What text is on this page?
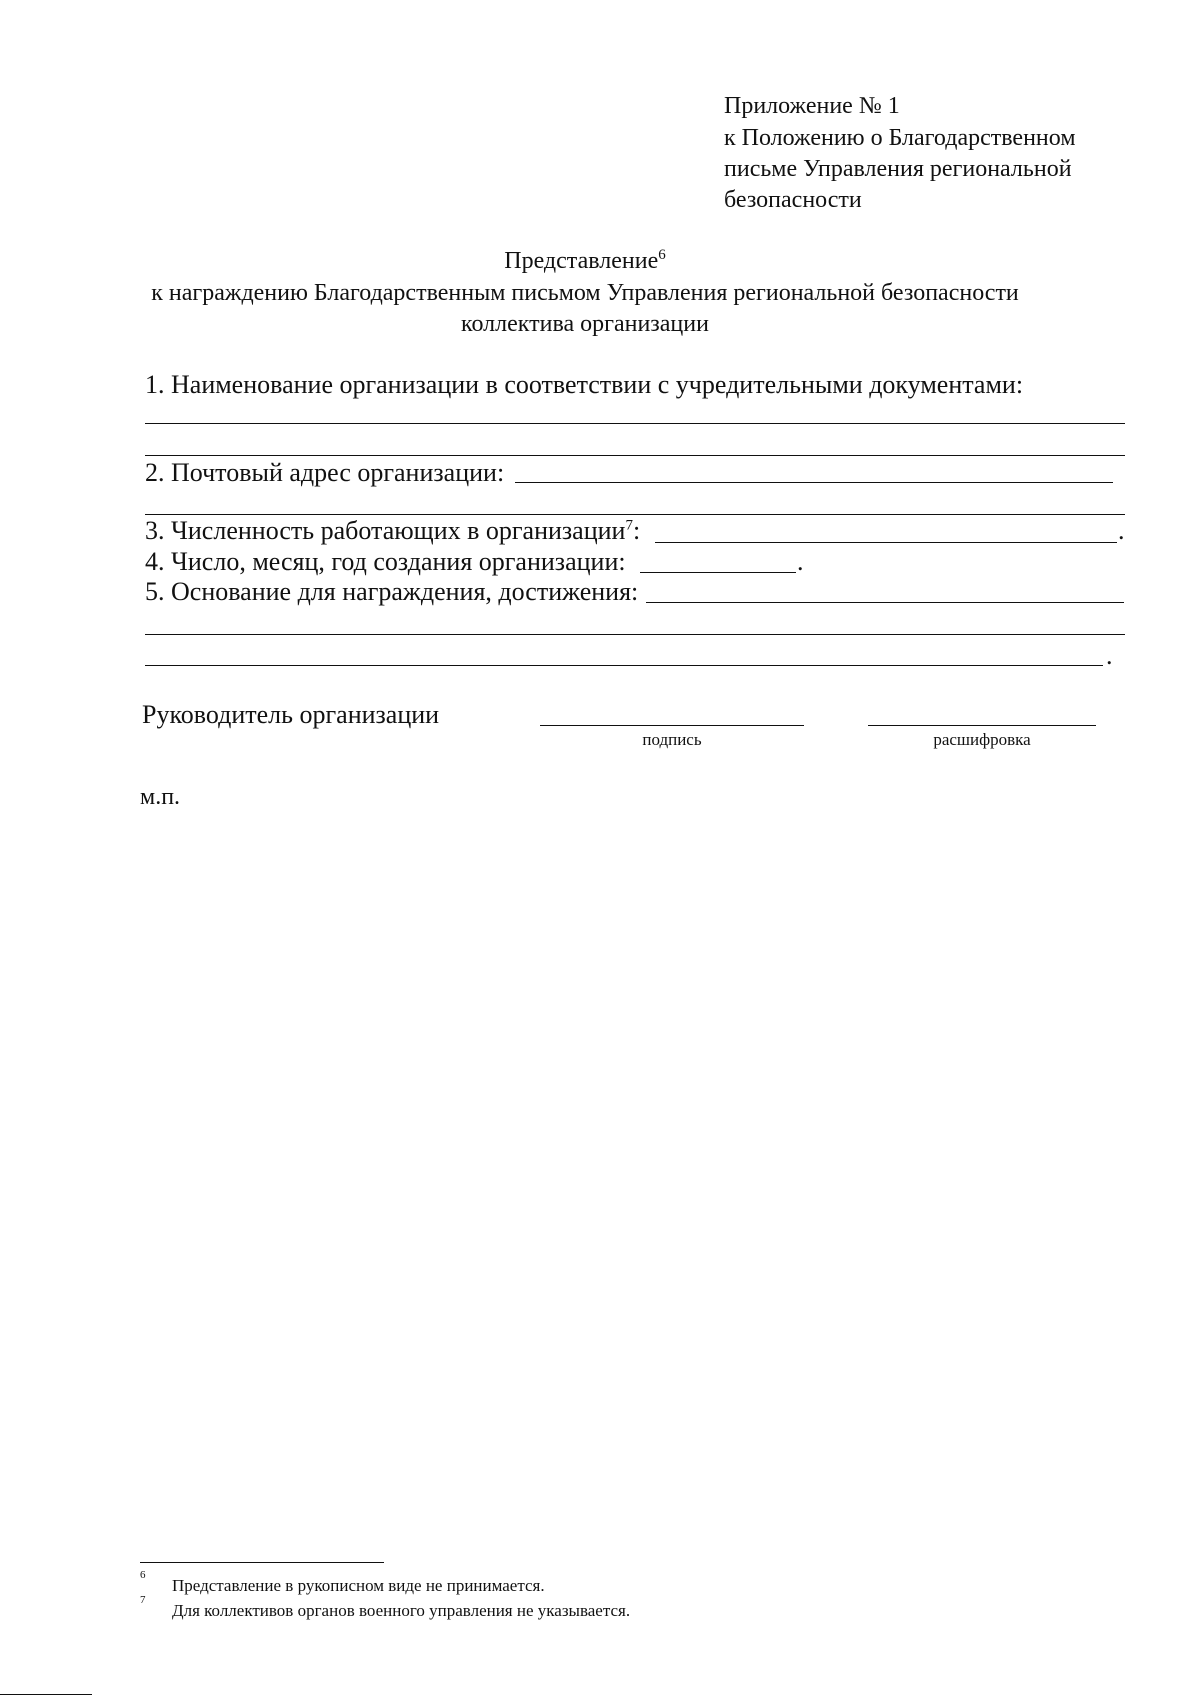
Приложение № 1
к Положению о Благодарственном
письме Управления региональной
безопасности
Представление$^6$
к награждению Благодарственным письмом Управления региональной безопасности
коллектива организации
1. Наименование организации в соответствии с учредительными документами:
2. Почтовый адрес организации:
3. Численность работающих в организации$^7$:	.
4. Число, месяц, год создания организации:	.
5. Основание для награждения, достижения:
.
Руководитель организации
подпись	расшифровка
м.п.
6
Представление в рукописном виде не принимается.
7
Для коллективов органов военного управления не указывается.
